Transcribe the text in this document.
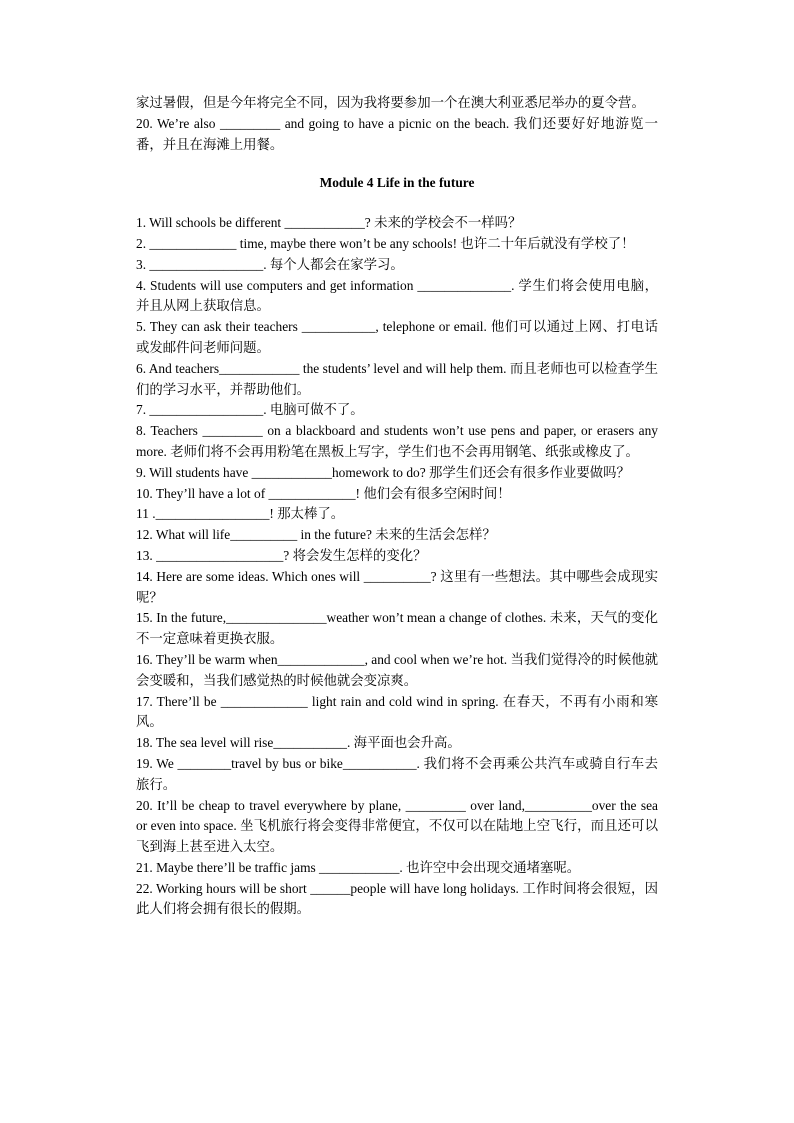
家过暑假，但是今年将完全不同，因为我将要参加一个在澳大利亚悉尼举办的夏令营。

20. We’re also _________ and going to have a picnic on the beach. 我们还要好好地游览一番，并且在海滩上用餐。

Module 4 Life in the future

1. Will schools be different ____________? 未来的学校会不一样吗？

2. _____________ time, maybe there won’t be any schools! 也许二十年后就没有学校了！

3. _________________. 每个人都会在家学习。

4. Students will use computers and get information ______________. 学生们将会使用电脑，并且从网上获取信息。

5. They can ask their teachers ___________, telephone or email. 他们可以通过上网、打电话或发邮件问老师问题。

6. And teachers____________ the students’ level and will help them. 而且老师也可以检查学生们的学习水平，并帮助他们。

7. _________________. 电脑可做不了。

8. Teachers _________ on a blackboard and students won’t use pens and paper, or erasers any more. 老师们将不会再用粉笔在黑板上写字，学生们也不会再用钢笔、纸张或橡皮了。

9. Will students have ____________homework to do? 那学生们还会有很多作业要做吗？

10. They’ll have a lot of _____________! 他们会有很多空闲时间！

11 ._________________! 那太棒了。

12. What will life__________ in the future? 未来的生活会怎样？

13. ___________________? 将会发生怎样的变化？

14. Here are some ideas. Which ones will __________? 这里有一些想法。其中哪些会成现实呢？

15. In the future,_______________weather won’t mean a change of clothes. 未来，天气的变化不一定意味着更换衣服。

16. They’ll be warm when_____________, and cool when we’re hot. 当我们觉得冷的时候他就会变暖和，当我们感觉热的时候他就会变凉爽。

17. There’ll be _____________ light rain and cold wind in spring. 在春天，不再有小雨和寒风。

18. The sea level will rise___________. 海平面也会升高。

19. We ________travel by bus or bike___________. 我们将不会再乘公共汽车或骑自行车去旅行。

20. It’ll be cheap to travel everywhere by plane, _________ over land,__________over the sea or even into space. 坐飞机旅行将会变得非常便宜，不仅可以在陆地上空飞行，而且还可以飞到海上甚至进入太空。

21. Maybe there’ll be traffic jams ____________. 也许空中会出现交通堵塞呢。

22. Working hours will be short ______people will have long holidays. 工作时间将会很短，因此人们将会拥有很长的假期。
